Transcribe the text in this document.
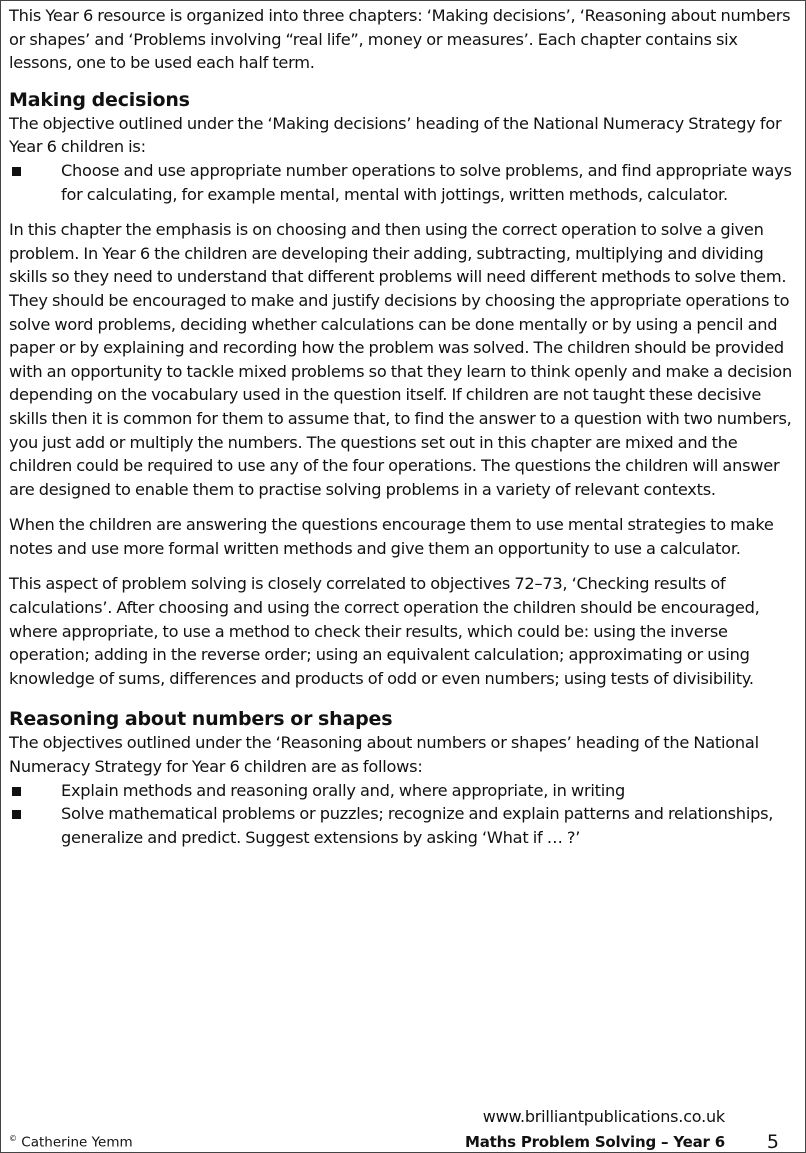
This Year 6 resource is organized into three chapters: ‘Making decisions’, ‘Reasoning about numbers or shapes’ and ‘Problems involving “real life”, money or measures’. Each chapter contains six lessons, one to be used each half term.

Making decisions

The objective outlined under the ‘Making decisions’ heading of the National Numeracy Strategy for Year 6 children is:

Choose and use appropriate number operations to solve problems, and find appropriate ways for calculating, for example mental, mental with jottings, written methods, calculator.

In this chapter the emphasis is on choosing and then using the correct operation to solve a given problem. In Year 6 the children are developing their adding, subtracting, multiplying and dividing skills so they need to understand that different problems will need different methods to solve them. They should be encouraged to make and justify decisions by choosing the appropriate operations to solve word problems, deciding whether calculations can be done mentally or by using a pencil and paper or by explaining and recording how the problem was solved. The children should be provided with an opportunity to tackle mixed problems so that they learn to think openly and make a decision depending on the vocabulary used in the question itself. If children are not taught these decisive skills then it is common for them to assume that, to find the answer to a question with two numbers, you just add or multiply the numbers. The questions set out in this chapter are mixed and the children could be required to use any of the four operations. The questions the children will answer are designed to enable them to practise solving problems in a variety of relevant contexts.

When the children are answering the questions encourage them to use mental strategies to make notes and use more formal written methods and give them an opportunity to use a calculator.

This aspect of problem solving is closely correlated to objectives 72–73, ‘Checking results of calculations’. After choosing and using the correct operation the children should be encouraged, where appropriate, to use a method to check their results, which could be: using the inverse operation; adding in the reverse order; using an equivalent calculation; approximating or using knowledge of sums, differences and products of odd or even numbers; using tests of divisibility.

Reasoning about numbers or shapes

The objectives outlined under the ‘Reasoning about numbers or shapes’ heading of the National Numeracy Strategy for Year 6 children are as follows:

Explain methods and reasoning orally and, where appropriate, in writing
Solve mathematical problems or puzzles; recognize and explain patterns and relationships, generalize and predict. Suggest extensions by asking ‘What if … ?’
www.brilliantpublications.co.uk
© Catherine Yemm	Maths Problem Solving – Year 6 5
